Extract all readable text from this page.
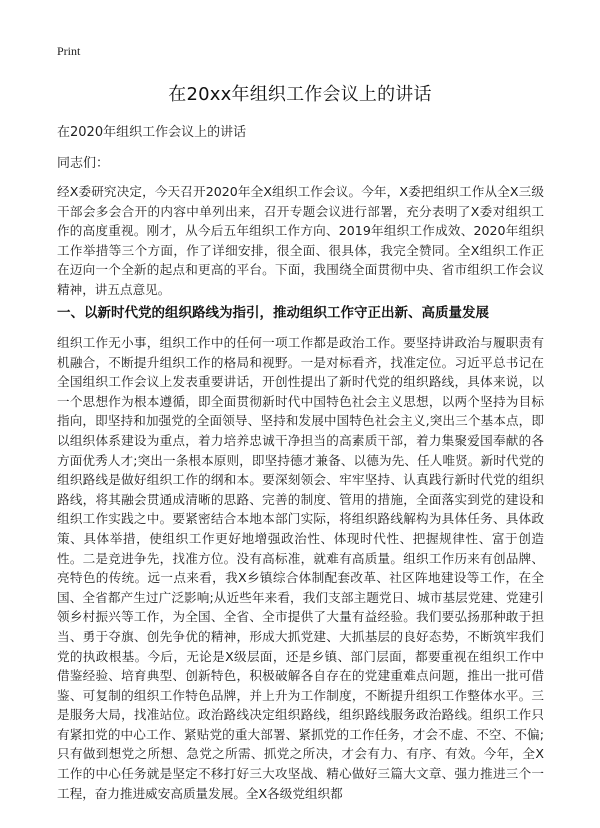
Print
在20xx年组织工作会议上的讲话
在2020年组织工作会议上的讲话
同志们：
经X委研究决定，今天召开2020年全X组织工作会议。今年，X委把组织工作从全X三级干部会多会合开的内容中单列出来，召开专题会议进行部署，充分表明了X委对组织工作的高度重视。刚才，从今后五年组织工作方向、2019年组织工作成效、2020年组织工作举措等三个方面，作了详细安排，很全面、很具体，我完全赞同。全X组织工作正在迈向一个全新的起点和更高的平台。下面，我围绕全面贯彻中央、省市组织工作会议精神，讲五点意见。
一、以新时代党的组织路线为指引，推动组织工作守正出新、高质量发展
组织工作无小事，组织工作中的任何一项工作都是政治工作。要坚持讲政治与履职责有机融合，不断提升组织工作的格局和视野。一是对标看齐，找准定位。习近平总书记在全国组织工作会议上发表重要讲话，开创性提出了新时代党的组织路线，具体来说，以一个思想作为根本遵循，即全面贯彻新时代中国特色社会主义思想，以两个坚持为目标指向，即坚持和加强党的全面领导、坚持和发展中国特色社会主义,突出三个基本点，即以组织体系建设为重点，着力培养忠诚干净担当的高素质干部，着力集聚爱国奉献的各方面优秀人才;突出一条根本原则，即坚持德才兼备、以德为先、任人唯贤。新时代党的组织路线是做好组织工作的纲和本。要深刻领会、牢牢坚持、认真践行新时代党的组织路线，将其融会贯通成清晰的思路、完善的制度、管用的措施，全面落实到党的建设和组织工作实践之中。要紧密结合本地本部门实际，将组织路线解构为具体任务、具体政策、具体举措，使组织工作更好地增强政治性、体现时代性、把握规律性、富于创造性。二是竞进争先，找准方位。没有高标准，就难有高质量。组织工作历来有创品牌、亮特色的传统。远一点来看，我X乡镇综合体制配套改革、社区阵地建设等工作，在全国、全省都产生过广泛影响;从近些年来看，我们支部主题党日、城市基层党建、党建引领乡村振兴等工作，为全国、全省、全市提供了大量有益经验。我们要弘扬那种敢于担当、勇于夺旗、创先争优的精神，形成大抓党建、大抓基层的良好态势，不断筑牢我们党的执政根基。今后，无论是X级层面，还是乡镇、部门层面，都要重视在组织工作中借鉴经验、培育典型、创新特色，积极破解各自存在的党建重难点问题，推出一批可借鉴、可复制的组织工作特色品牌，并上升为工作制度，不断提升组织工作整体水平。三是服务大局，找准站位。政治路线决定组织路线，组织路线服务政治路线。组织工作只有紧扣党的中心工作、紧贴党的重大部署、紧抓党的工作任务，才会不虚、不空、不偏;只有做到想党之所想、急党之所需、抓党之所决，才会有力、有序、有效。今年，全X工作的中心任务就是坚定不移打好三大攻坚战、精心做好三篇大文章、强力推进三个一工程，奋力推进威安高质量发展。全X各级党组织都
